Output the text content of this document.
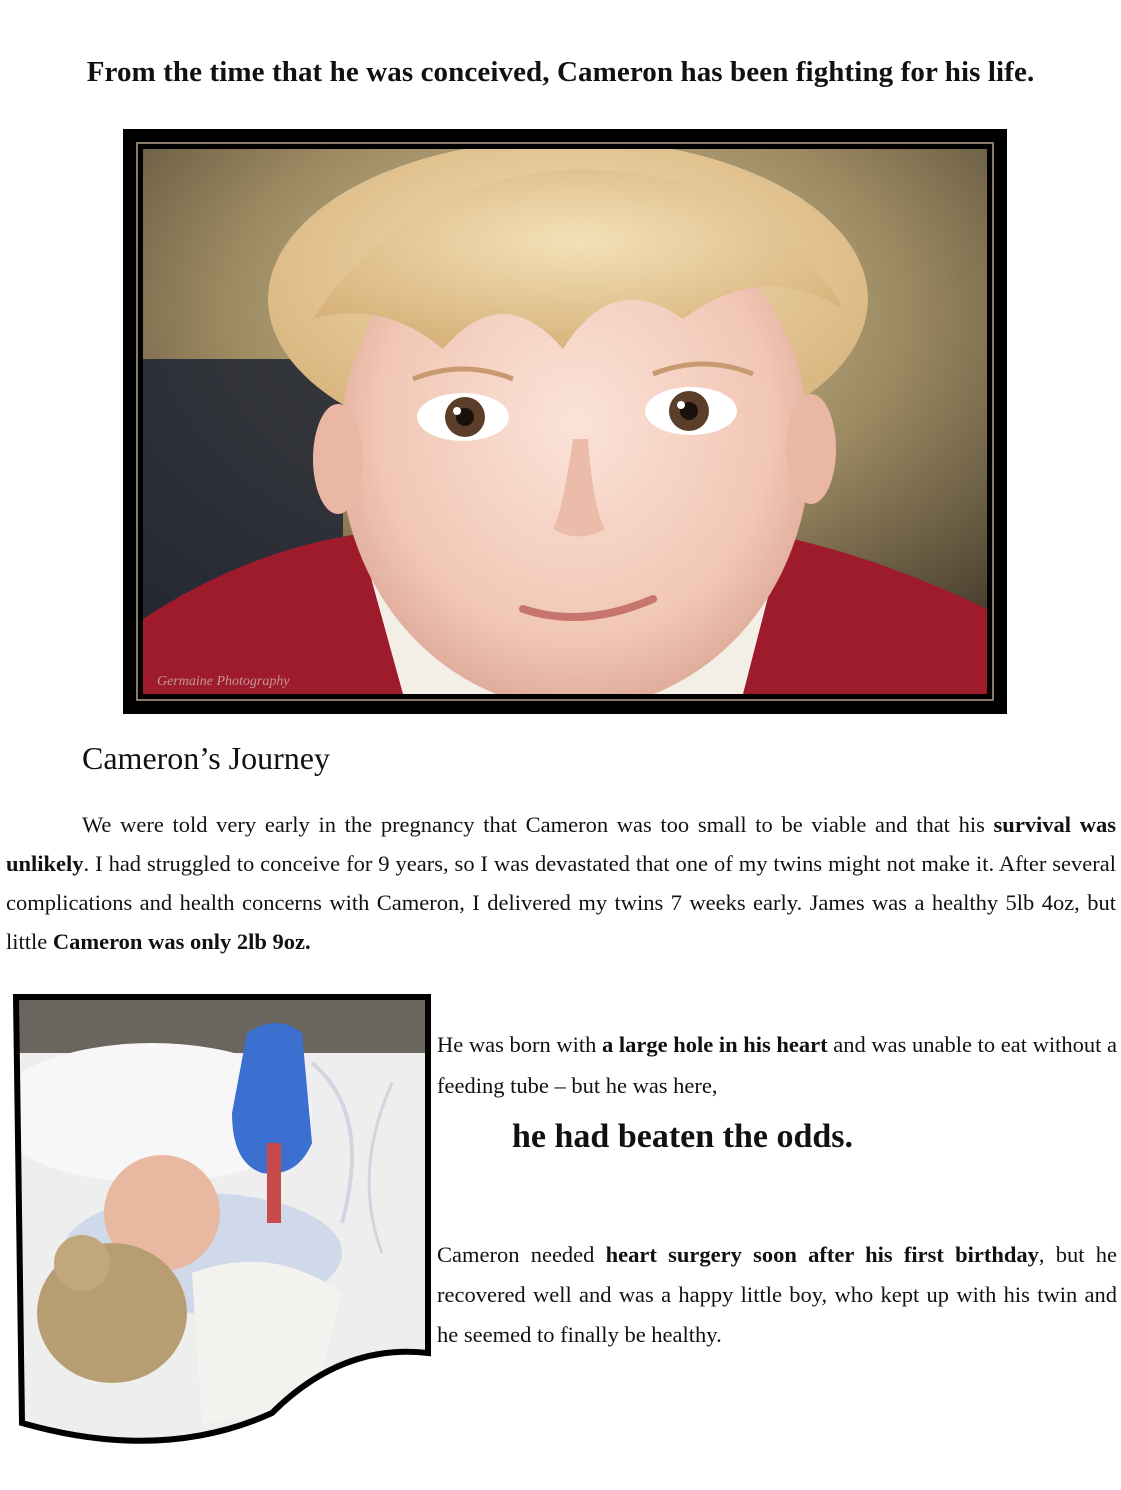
From the time that he was conceived, Cameron has been fighting for his life.
Germaine Photography
Cameron’s Journey
We were told very early in the pregnancy that Cameron was too small to be viable and that his survival was unlikely. I had struggled to conceive for 9 years, so I was devastated that one of my twins might not make it. After several complications and health concerns with Cameron, I delivered my twins 7 weeks early. James was a healthy 5lb 4oz, but little Cameron was only 2lb 9oz.
He was born with a large hole in his heart and was unable to eat without a feeding tube – but he was here,
he had beaten the odds.
Cameron needed heart surgery soon after his first birthday, but he recovered well and was a happy little boy, who kept up with his twin and he seemed to finally be healthy.
